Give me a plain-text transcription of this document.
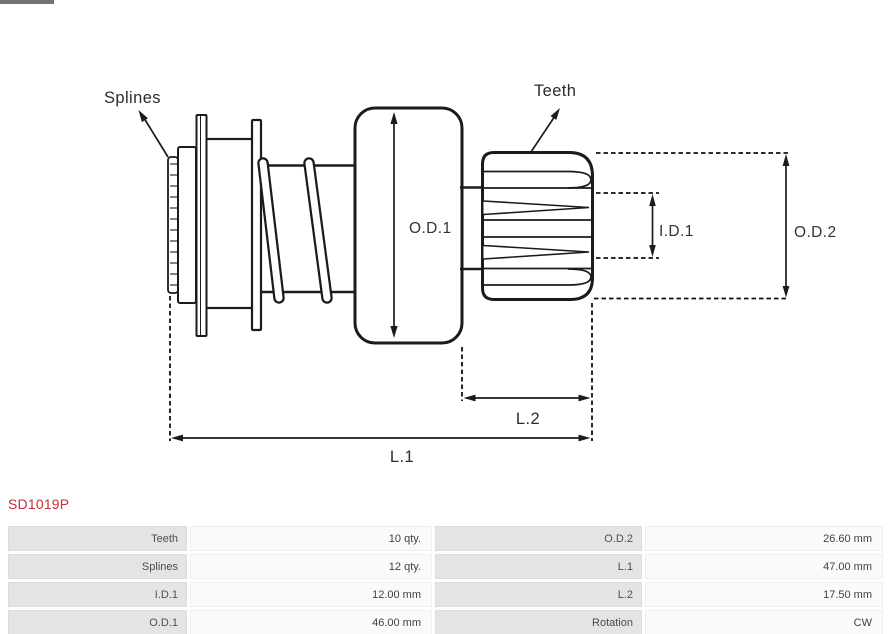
O.D.1	I.D.1	O.D.2
L.2
L.1
Splines	Teeth
SD1019P
Teeth	10 qty.
Splines	12 qty.
I.D.1	12.00 mm
O.D.1	46.00 mm
O.D.2	26.60 mm
L.1	47.00 mm
L.2	17.50 mm
Rotation	CW
